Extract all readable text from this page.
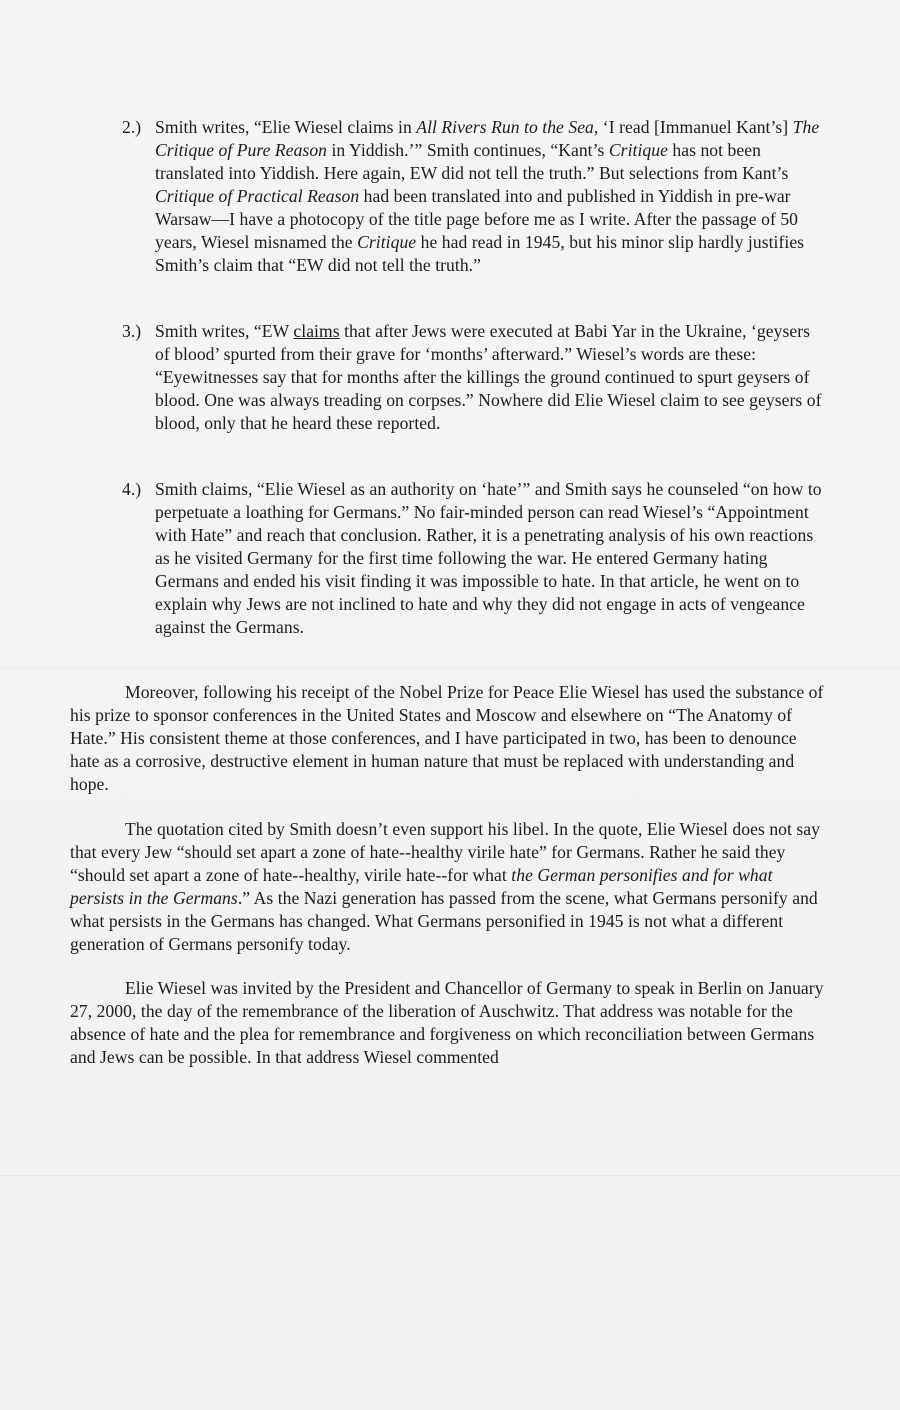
2.) Smith writes, “Elie Wiesel claims in All Rivers Run to the Sea, ‘I read [Immanuel Kant’s] The Critique of Pure Reason in Yiddish.’” Smith continues, “Kant’s Critique has not been translated into Yiddish. Here again, EW did not tell the truth.” But selections from Kant’s Critique of Practical Reason had been translated into and published in Yiddish in pre-war Warsaw—I have a photocopy of the title page before me as I write. After the passage of 50 years, Wiesel misnamed the Critique he had read in 1945, but his minor slip hardly justifies Smith’s claim that “EW did not tell the truth.”

3.) Smith writes, “EW claims that after Jews were executed at Babi Yar in the Ukraine, ‘geysers of blood’ spurted from their grave for ‘months’ afterward.” Wiesel’s words are these: “Eyewitnesses say that for months after the killings the ground continued to spurt geysers of blood. One was always treading on corpses.” Nowhere did Elie Wiesel claim to see geysers of blood, only that he heard these reported.

4.) Smith claims, “Elie Wiesel as an authority on ‘hate’” and Smith says he counseled “on how to perpetuate a loathing for Germans.” No fair-minded person can read Wiesel’s “Appointment with Hate” and reach that conclusion. Rather, it is a penetrating analysis of his own reactions as he visited Germany for the first time following the war. He entered Germany hating Germans and ended his visit finding it was impossible to hate. In that article, he went on to explain why Jews are not inclined to hate and why they did not engage in acts of vengeance against the Germans.

Moreover, following his receipt of the Nobel Prize for Peace Elie Wiesel has used the substance of his prize to sponsor conferences in the United States and Moscow and elsewhere on “The Anatomy of Hate.” His consistent theme at those conferences, and I have participated in two, has been to denounce hate as a corrosive, destructive element in human nature that must be replaced with understanding and hope.

The quotation cited by Smith doesn’t even support his libel. In the quote, Elie Wiesel does not say that every Jew “should set apart a zone of hate--healthy virile hate” for Germans. Rather he said they “should set apart a zone of hate--healthy, virile hate--for what the German personifies and for what persists in the Germans.” As the Nazi generation has passed from the scene, what Germans personify and what persists in the Germans has changed. What Germans personified in 1945 is not what a different generation of Germans personify today.

Elie Wiesel was invited by the President and Chancellor of Germany to speak in Berlin on January 27, 2000, the day of the remembrance of the liberation of Auschwitz. That address was notable for the absence of hate and the plea for remembrance and forgiveness on which reconciliation between Germans and Jews can be possible. In that address Wiesel commented
